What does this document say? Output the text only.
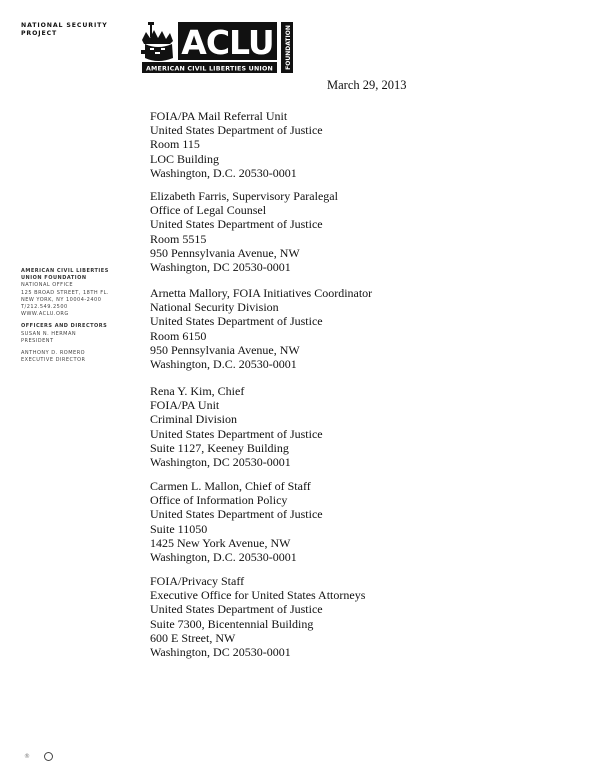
NATIONAL SECURITY
PROJECT	ACLU
AMERICAN CIVIL LIBERTIES UNION FOUNDATION
AMERICAN CIVIL LIBERTIES
UNION FOUNDATION
NATIONAL OFFICE
125 BROAD STREET, 18TH FL.
NEW YORK, NY 10004-2400
T/212.549.2500
WWW.ACLU.ORG
OFFICERS AND DIRECTORS
SUSAN N. HERMAN
PRESIDENT
ANTHONY D. ROMERO
EXECUTIVE DIRECTOR
March 29, 2013
FOIA/PA Mail Referral Unit
United States Department of Justice
Room 115
LOC Building
Washington, D.C. 20530-0001
Elizabeth Farris, Supervisory Paralegal
Office of Legal Counsel
United States Department of Justice
Room 5515
950 Pennsylvania Avenue, NW
Washington, DC 20530-0001
Arnetta Mallory, FOIA Initiatives Coordinator
National Security Division
United States Department of Justice
Room 6150
950 Pennsylvania Avenue, NW
Washington, D.C. 20530-0001
Rena Y. Kim, Chief
FOIA/PA Unit
Criminal Division
United States Department of Justice
Suite 1127, Keeney Building
Washington, DC 20530-0001
Carmen L. Mallon, Chief of Staff
Office of Information Policy
United States Department of Justice
Suite 11050
1425 New York Avenue, NW
Washington, D.C. 20530-0001
FOIA/Privacy Staff
Executive Office for United States Attorneys
United States Department of Justice
Suite 7300, Bicentennial Building
600 E Street, NW
Washington, DC 20530-0001
®
